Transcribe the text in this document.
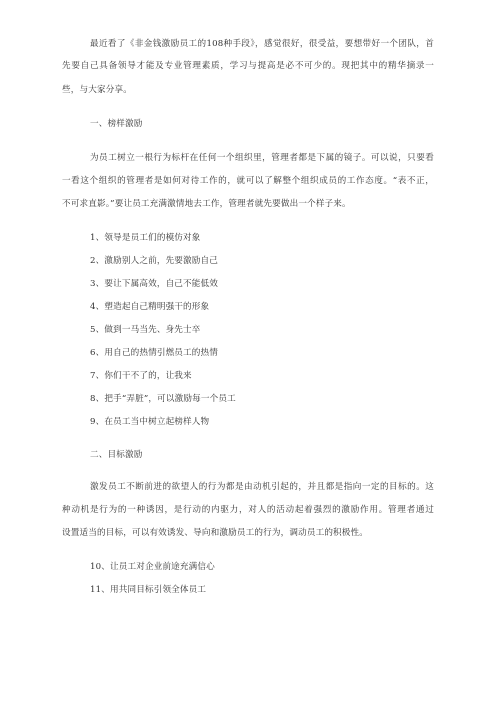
最近看了《非金钱激励员工的108种手段》，感觉很好，很受益，要想带好一个团队，首
先要自己具备领导才能及专业管理素质，学习与提高是必不可少的。现把其中的精华摘录一
些，与大家分享。
一、榜样激励
为员工树立一根行为标杆在任何一个组织里，管理者都是下属的镜子。可以说，只要看
一看这个组织的管理者是如何对待工作的，就可以了解整个组织成员的工作态度。“表不正，
不可求直影。”要让员工充满激情地去工作，管理者就先要做出一个样子来。
1、领导是员工们的模仿对象
2、激励别人之前，先要激励自己
3、要让下属高效，自己不能低效
4、塑造起自己精明强干的形象
5、做到一马当先、身先士卒
6、用自己的热情引燃员工的热情
7、你们干不了的，让我来
8、把手“弄脏”，可以激励每一个员工
9、在员工当中树立起榜样人物
二、目标激励
激发员工不断前进的欲望人的行为都是由动机引起的，并且都是指向一定的目标的。这
种动机是行为的一种诱因，是行动的内驱力，对人的活动起着强烈的激励作用。管理者通过
设置适当的目标，可以有效诱发、导向和激励员工的行为，调动员工的积极性。
10、让员工对企业前途充满信心
11、用共同目标引领全体员工
